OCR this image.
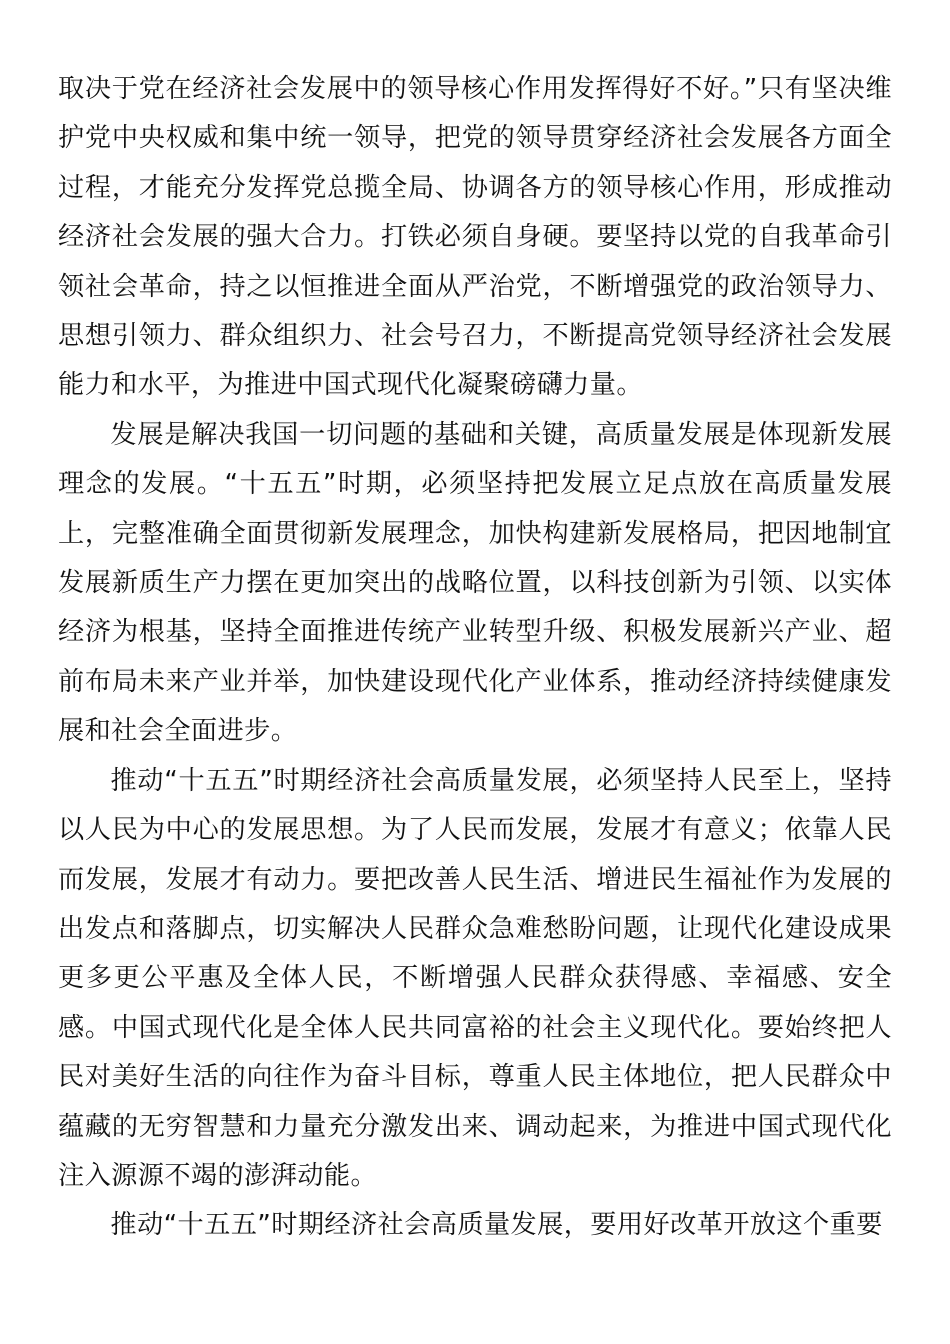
取决于党在经济社会发展中的领导核心作用发挥得好不好。”只有坚决维护党中央权威和集中统一领导，把党的领导贯穿经济社会发展各方面全过程，才能充分发挥党总揽全局、协调各方的领导核心作用，形成推动经济社会发展的强大合力。打铁必须自身硬。要坚持以党的自我革命引领社会革命，持之以恒推进全面从严治党，不断增强党的政治领导力、思想引领力、群众组织力、社会号召力，不断提高党领导经济社会发展能力和水平，为推进中国式现代化凝聚磅礴力量。

发展是解决我国一切问题的基础和关键，高质量发展是体现新发展理念的发展。“十五五”时期，必须坚持把发展立足点放在高质量发展上，完整准确全面贯彻新发展理念，加快构建新发展格局，把因地制宜发展新质生产力摆在更加突出的战略位置，以科技创新为引领、以实体经济为根基，坚持全面推进传统产业转型升级、积极发展新兴产业、超前布局未来产业并举，加快建设现代化产业体系，推动经济持续健康发展和社会全面进步。

推动“十五五”时期经济社会高质量发展，必须坚持人民至上，坚持以人民为中心的发展思想。为了人民而发展，发展才有意义；依靠人民而发展，发展才有动力。要把改善人民生活、增进民生福祉作为发展的出发点和落脚点，切实解决人民群众急难愁盼问题，让现代化建设成果更多更公平惠及全体人民，不断增强人民群众获得感、幸福感、安全感。中国式现代化是全体人民共同富裕的社会主义现代化。要始终把人民对美好生活的向往作为奋斗目标，尊重人民主体地位，把人民群众中蕴藏的无穷智慧和力量充分激发出来、调动起来，为推进中国式现代化注入源源不竭的澎湃动能。

推动“十五五”时期经济社会高质量发展，要用好改革开放这个重要
